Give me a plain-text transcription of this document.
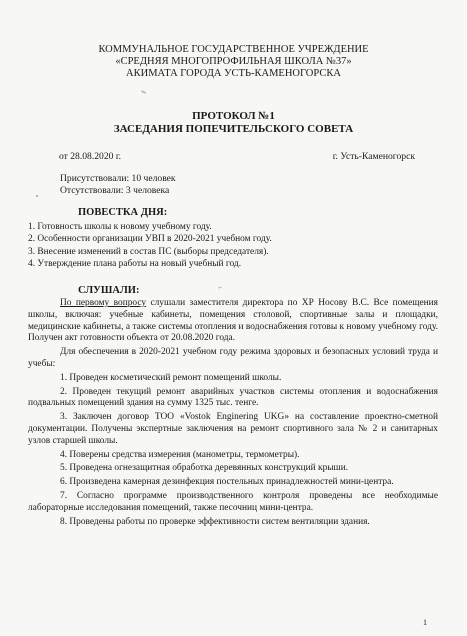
КОММУНАЛЬНОЕ ГОСУДАРСТВЕННОЕ УЧРЕЖДЕНИЕ
«СРЕДНЯЯ МНОГОПРОФИЛЬНАЯ ШКОЛА №37»
АКИМАТА ГОРОДА УСТЬ-КАМЕНОГОРСКА
ПРОТОКОЛ №1
ЗАСЕДАНИЯ ПОПЕЧИТЕЛЬСКОГО СОВЕТА
от 28.08.2020 г.	г. Усть-Каменогорск
Присутствовали: 10 человек
Отсутствовали: 3 человека
ПОВЕСТКА ДНЯ:
1. Готовность школы к новому учебному году.
2. Особенности организации УВП в 2020-2021 учебном году.
3. Внесение изменений в состав ПС (выборы председателя).
4. Утверждение плана работы на новый учебный год.
СЛУШАЛИ:

По первому вопросу слушали заместителя директора по ХР Носову В.С. Все помещения школы, включая: учебные кабинеты, помещения столовой, спортивные залы и площадки, медицинские кабинеты, а также системы отопления и водоснабжения готовы к новому учебному году. Получен акт готовности объекта от 20.08.2020 года.

Для обеспечения в 2020-2021 учебном году режима здоровых и безопасных условий труда и учебы:

1. Проведен косметический ремонт помещений школы.

2. Проведен текущий ремонт аварийных участков системы отопления и водоснабжения подвальных помещений здания на сумму 1325 тыс. тенге.

3. Заключен договор ТОО «Vostok Enginering UKG» на составление проектно-сметной документации. Получены экспертные заключения на ремонт спортивного зала № 2 и санитарных узлов старшей школы.

4. Поверены средства измерения (манометры, термометры).

5. Проведена огнезащитная обработка деревянных конструкций крыши.

6. Произведена камерная дезинфекция постельных принадлежностей мини-центра.

7. Согласно программе производственного контроля проведены все необходимые лабораторные исследования помещений, также песочниц мини-центра.

8. Проведены работы по проверке эффективности систем вентиляции здания.

1
